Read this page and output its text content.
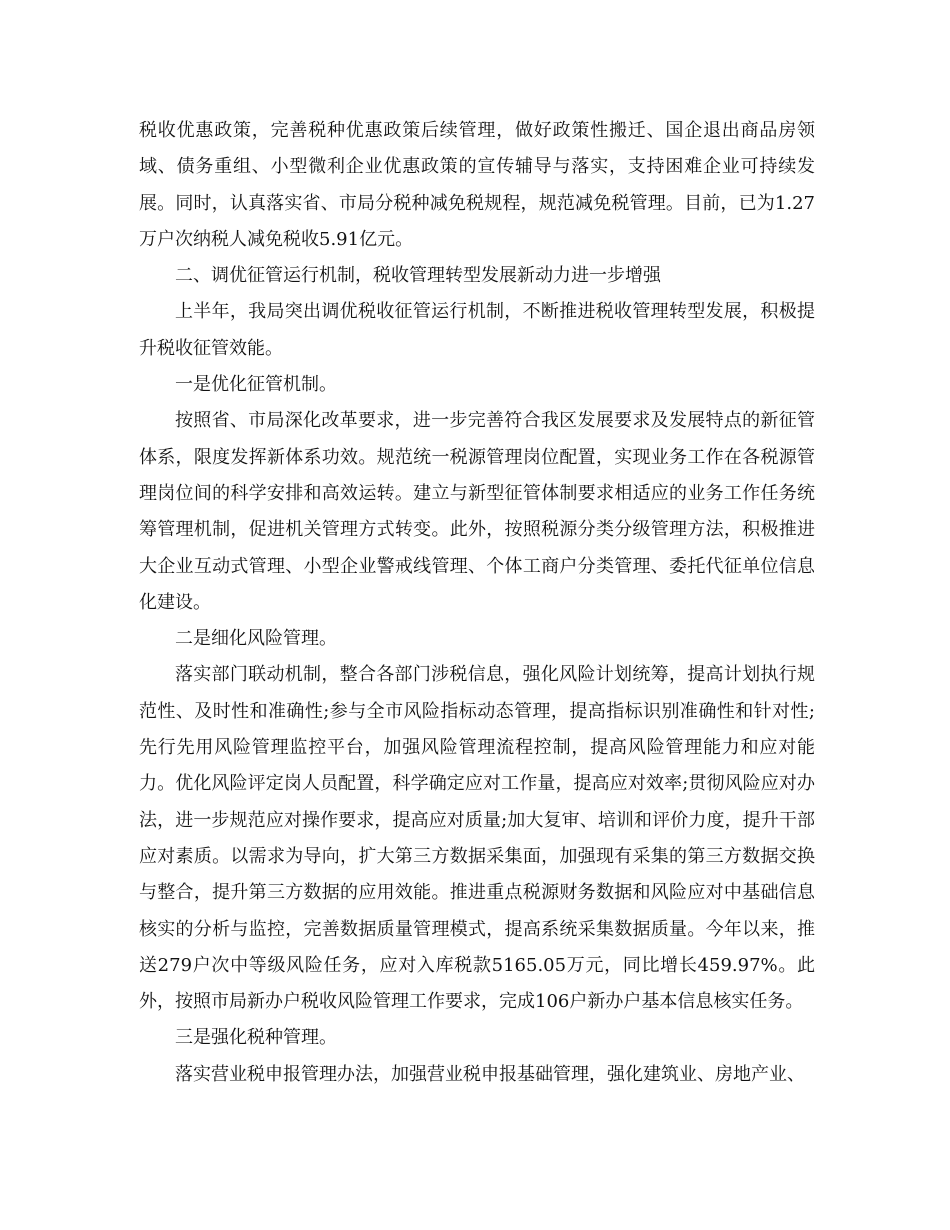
税收优惠政策，完善税种优惠政策后续管理，做好政策性搬迁、国企退出商品房领域、债务重组、小型微利企业优惠政策的宣传辅导与落实，支持困难企业可持续发展。同时，认真落实省、市局分税种减免税规程，规范减免税管理。目前，已为1.27万户次纳税人减免税收5.91亿元。

二、调优征管运行机制，税收管理转型发展新动力进一步增强

上半年，我局突出调优税收征管运行机制，不断推进税收管理转型发展，积极提升税收征管效能。

一是优化征管机制。

按照省、市局深化改革要求，进一步完善符合我区发展要求及发展特点的新征管体系，限度发挥新体系功效。规范统一税源管理岗位配置，实现业务工作在各税源管理岗位间的科学安排和高效运转。建立与新型征管体制要求相适应的业务工作任务统筹管理机制，促进机关管理方式转变。此外，按照税源分类分级管理方法，积极推进大企业互动式管理、小型企业警戒线管理、个体工商户分类管理、委托代征单位信息化建设。

二是细化风险管理。

落实部门联动机制，整合各部门涉税信息，强化风险计划统筹，提高计划执行规范性、及时性和准确性;参与全市风险指标动态管理，提高指标识别准确性和针对性;先行先用风险管理监控平台，加强风险管理流程控制，提高风险管理能力和应对能力。优化风险评定岗人员配置，科学确定应对工作量，提高应对效率;贯彻风险应对办法，进一步规范应对操作要求，提高应对质量;加大复审、培训和评价力度，提升干部应对素质。以需求为导向，扩大第三方数据采集面，加强现有采集的第三方数据交换与整合，提升第三方数据的应用效能。推进重点税源财务数据和风险应对中基础信息核实的分析与监控，完善数据质量管理模式，提高系统采集数据质量。今年以来，推送279户次中等级风险任务，应对入库税款5165.05万元，同比增长459.97%。此外，按照市局新办户税收风险管理工作要求，完成106户新办户基本信息核实任务。

三是强化税种管理。

落实营业税申报管理办法，加强营业税申报基础管理，强化建筑业、房地产业、
